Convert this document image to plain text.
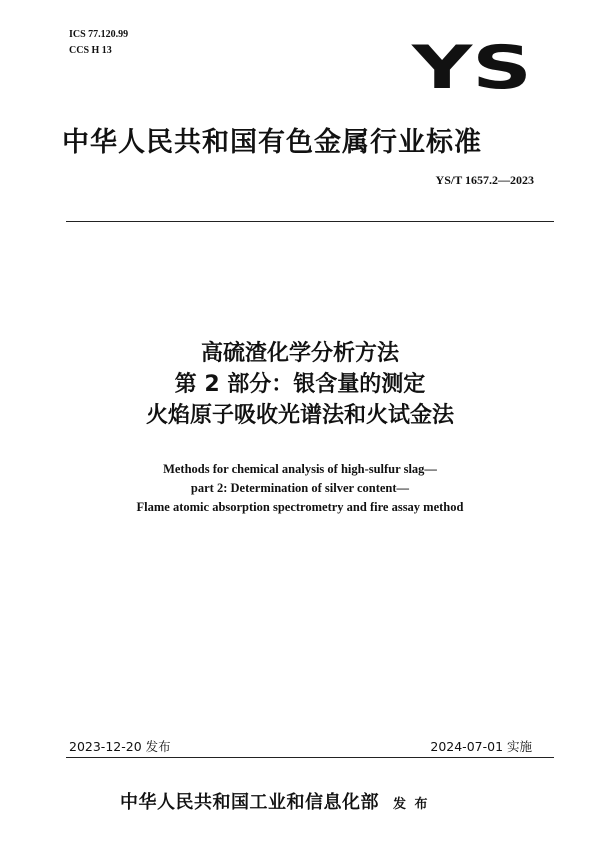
ICS 77.120.99
CCS H 13	YS
中华人民共和国有色金属行业标准
YS/T 1657.2—2023
高硫渣化学分析方法
第 2 部分：银含量的测定
火焰原子吸收光谱法和火试金法
Methods for chemical analysis of high-sulfur slag—
part 2: Determination of silver content—
Flame atomic absorption spectrometry and fire assay method
2023-12-20 发布	2024-07-01 实施
中华人民共和国工业和信息化部 发 布
